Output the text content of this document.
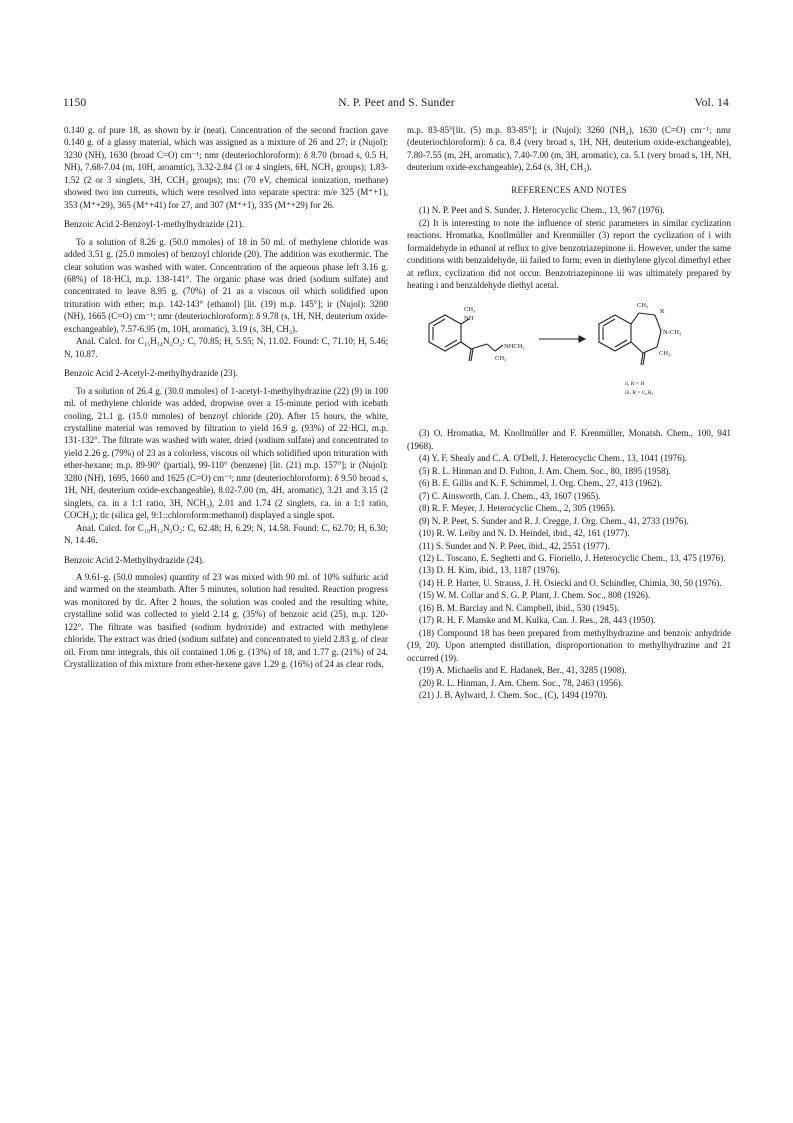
1150	N. P. Peet and S. Sunder	Vol. 14

0.140 g. of pure 18, as shown by ir (neat). Concentration of the second fraction gave 0.140 g. of a glassy material, which was assigned as a mixture of 26 and 27; ir (Nujol): 3230 (NH), 1630 (broad C=O) cm⁻¹; nmr (deuteriochloroform): δ 8.70 (broad s, 0.5 H, NH), 7.68-7.04 (m, 10H, aroamtic), 3.32-2.84 (3 or 4 singlets, 6H, NCH₃ groups); 1.83-1.52 (2 or 3 singlets, 3H, CCH₃ groups); ms: (70 eV, chemical ionization, methane) showed two ion currents, which were resolved into separate spectra: m/e 325 (M⁺+1), 353 (M⁺+29), 365 (M⁺+41) for 27, and 307 (M⁺+1), 335 (M⁺+29) for 26.

Benzoic Acid 2-Benzoyl-1-methylhydrazide (21).

To a solution of 8.26 g. (50.0 mmoles) of 18 in 50 ml. of methylene chloride was added 3.51 g. (25.0 mmoles) of benzoyl chloride (20). The addition was exothermic. The clear solution was washed with water. Concentration of the aqueous phase left 3.16 g. (68%) of 18·HCl, m.p. 138-141°. The organic phase was dried (sodium sulfate) and concentrated to leave 8.95 g. (70%) of 21 as a viscous oil which solidified upon trituration with ether; m.p. 142-143° (ethanol) [lit. (19) m.p. 145°]; ir (Nujol): 3200 (NH), 1665 (C=O) cm⁻¹; nmr (deuteriochloroform): δ 9.78 (s, 1H, NH, deuterium oxide-exchangeable), 7.57-6.95 (m, 10H, aromatic), 3.19 (s, 3H, CH₃).

Anal. Calcd. for C₁₅H₁₄N₂O₂: C, 70.85; H, 5.55; N, 11.02. Found: C, 71.10; H, 5.46; N, 10.87.

Benzoic Acid 2-Acetyl-2-methylhydrazide (23).

To a solution of 26.4 g. (30.0 mmoles) of 1-acetyl-1-methylhydrazine (22) (9) in 100 ml. of methylene chloride was added, dropwise over a 15-minute period with icebath cooling, 21.1 g. (15.0 mmoles) of benzoyl chloride (20). After 15 hours, the white, crystalline material was removed by filtration to yield 16.9 g. (93%) of 22·HCl, m.p. 131-132°. The filtrate was washed with water, dried (sodium sulfate) and concentrated to yield 2.26 g. (79%) of 23 as a colorless, viscous oil which solidified upon trituration with ether-hexane; m.p. 89-90° (partial), 99-110° (benzene) [lit. (21) m.p. 157°]; ir (Nujol): 3280 (NH), 1695, 1660 and 1625 (C=O) cm⁻¹; nmr (deuteriochloroform): δ 9.50 broad s, 1H, NH, deuterium oxide-exchangeable), 8.02-7.00 (m, 4H, aromatic), 3.21 and 3.15 (2 singlets, ca. in a 1:1 ratio, 3H, NCH₃), 2.01 and 1.74 (2 singlets, ca. in a 1:1 ratio, COCH₃); tlc (silica gel, 9:1::chloroform:methanol) displayed a single spot.

Anal. Calcd. for C₁₀H₁₂N₂O₂: C, 62.48; H, 6.29; N, 14.58. Found: C, 62.70; H, 6.30; N, 14.46.

Benzoic Acid 2-Methylhydrazide (24).

A 9.61-g. (50.0 mmoles) quantity of 23 was mixed with 90 ml. of 10% sulfuric acid and warmed on the steambath. After 5 minutes, solution had resulted. Reaction progress was monitored by tlc. After 2 hours, the solution was cooled and the resulting white, crystalline solid was collected to yield 2.14 g. (35%) of benzoic acid (25), m.p. 120-122°. The filtrate was basified (sodium hydroxide) and extracted with methylene chloride. The extract was dried (sodium sulfate) and concentrated to yield 2.83 g. of clear oil. From nmr integrals, this oil contained 1.06 g. (13%) of 18, and 1.77 g. (21%) of 24. Crystallization of this mixture from ether-hexene gave 1.29 g. (16%) of 24 as clear rods,

m.p. 83-85°[lit. (5) m.p. 83-85°]; ir (Nujol): 3260 (NH₂), 1630 (C=O) cm⁻¹; nmr (deuteriochloroform): δ ca. 8.4 (very broad s, 1H, NH, deuterium oxide-exchangeable), 7.80-7.55 (m, 2H, aromatic), 7.40-7.00 (m, 3H, aromatic), ca. 5.1 (very broad s, 1H, NH, deuterium oxide-exchangeable), 2.64 (s, 3H, CH₃).

REFERENCES AND NOTES

(1) N. P. Peet and S. Sunder, J. Heterocyclic Chem., 13, 967 (1976).

(2) It is interesting to note the influence of steric parameters in similar cyclization reactions. Hromatka, Knollmüller and Krenmüller (3) report the cyclization of i with formaldehyde in ethanol at reflux to give benzotriazepinone ii. However, under the same conditions with benzaldehyde, iii failed to form; even in diethylene glycol dimethyl ether at reflux, cyclization did not occur. Benzotriazepinone iii was ultimately prepared by heating i and benzaldehyde diethyl acetal.

CH₃
NH
NHCH₃
CH₃
CH₃
R
N-CH₃
CH₃
ii, R = H
iii, R = C₆H₅

(3) O. Hromatka, M. Knollmüller and F. Krenmüller, Monatsh. Chem., 100, 941 (1968).

(4) Y. F. Shealy and C. A. O'Dell, J. Heterocyclic Chem., 13, 1041 (1976).

(5) R. L. Hinman and D. Fulton, J. Am. Chem. Soc., 80, 1895 (1958).

(6) B. E. Gillis and K. F. Schimmel, J. Org. Chem., 27, 413 (1962).

(7) C. Ainsworth, Can. J. Chem., 43, 1607 (1965).

(8) R. F. Meyer, J. Heterocyclic Chem., 2, 305 (1965).

(9) N. P. Peet, S. Sunder and R. J. Cregge, J. Org. Chem., 41, 2733 (1976).

(10) R. W. Leiby and N. D. Heindel, ibid., 42, 161 (1977).

(11) S. Sunder and N. P. Peet, ibid., 42, 2551 (1977).

(12) L. Toscano, E. Seghetti and G. Fioriello, J. Heterocyclic Chem., 13, 475 (1976).

(13) D. H. Kim, ibid., 13, 1187 (1976).

(14) H. P. Harter, U. Strauss, J. H. Osiecki and O. Schindler, Chimia, 30, 50 (1976).

(15) W. M. Collar and S. G. P. Plant, J. Chem. Soc., 808 (1926).

(16) B. M. Barclay and N. Campbell, ibid., 530 (1945).

(17) R. H. F. Manske and M. Kulka, Can. J. Res., 28, 443 (1950).

(18) Compound 18 has been prepared from methylhydrazine and benzoic anhydride (19, 20). Upon attempted distillation, disproportionation to methylhydrazine and 21 occurred (19).

(19) A. Michaelis and E. Hadanek, Ber., 41, 3285 (1908).

(20) R. L. Hinman, J. Am. Chem. Soc., 78, 2463 (1956).

(21) J. B. Aylward, J. Chem. Soc., (C), 1494 (1970).
